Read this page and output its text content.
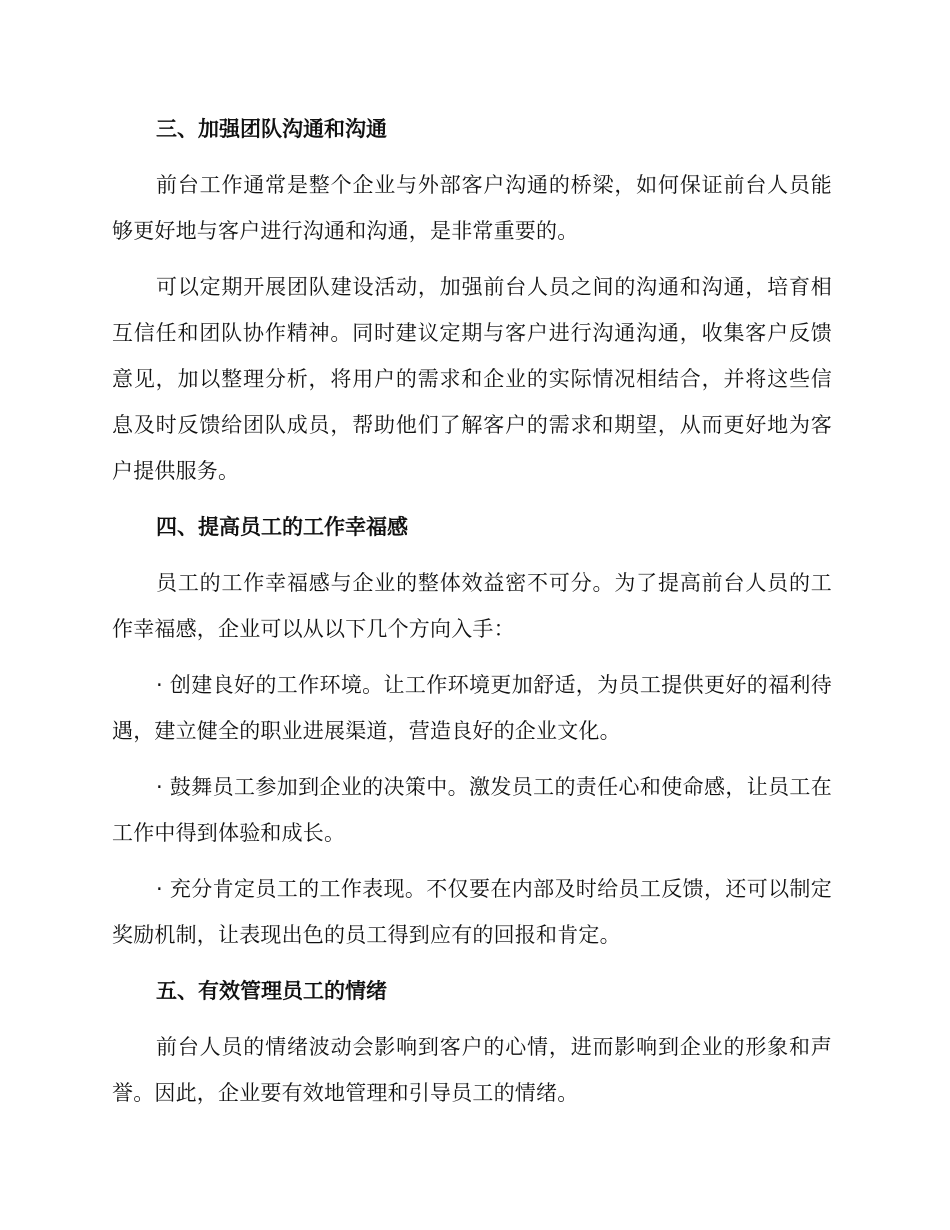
三、加强团队沟通和沟通
前台工作通常是整个企业与外部客户沟通的桥梁，如何保证前台人员能够更好地与客户进行沟通和沟通，是非常重要的。
可以定期开展团队建设活动，加强前台人员之间的沟通和沟通，培育相互信任和团队协作精神。同时建议定期与客户进行沟通沟通，收集客户反馈意见，加以整理分析，将用户的需求和企业的实际情况相结合，并将这些信息及时反馈给团队成员，帮助他们了解客户的需求和期望，从而更好地为客户提供服务。
四、提高员工的工作幸福感
员工的工作幸福感与企业的整体效益密不可分。为了提高前台人员的工作幸福感，企业可以从以下几个方向入手：
· 创建良好的工作环境。让工作环境更加舒适，为员工提供更好的福利待遇，建立健全的职业进展渠道，营造良好的企业文化。
· 鼓舞员工参加到企业的决策中。激发员工的责任心和使命感，让员工在工作中得到体验和成长。
· 充分肯定员工的工作表现。不仅要在内部及时给员工反馈，还可以制定奖励机制，让表现出色的员工得到应有的回报和肯定。
五、有效管理员工的情绪
前台人员的情绪波动会影响到客户的心情，进而影响到企业的形象和声誉。因此，企业要有效地管理和引导员工的情绪。
